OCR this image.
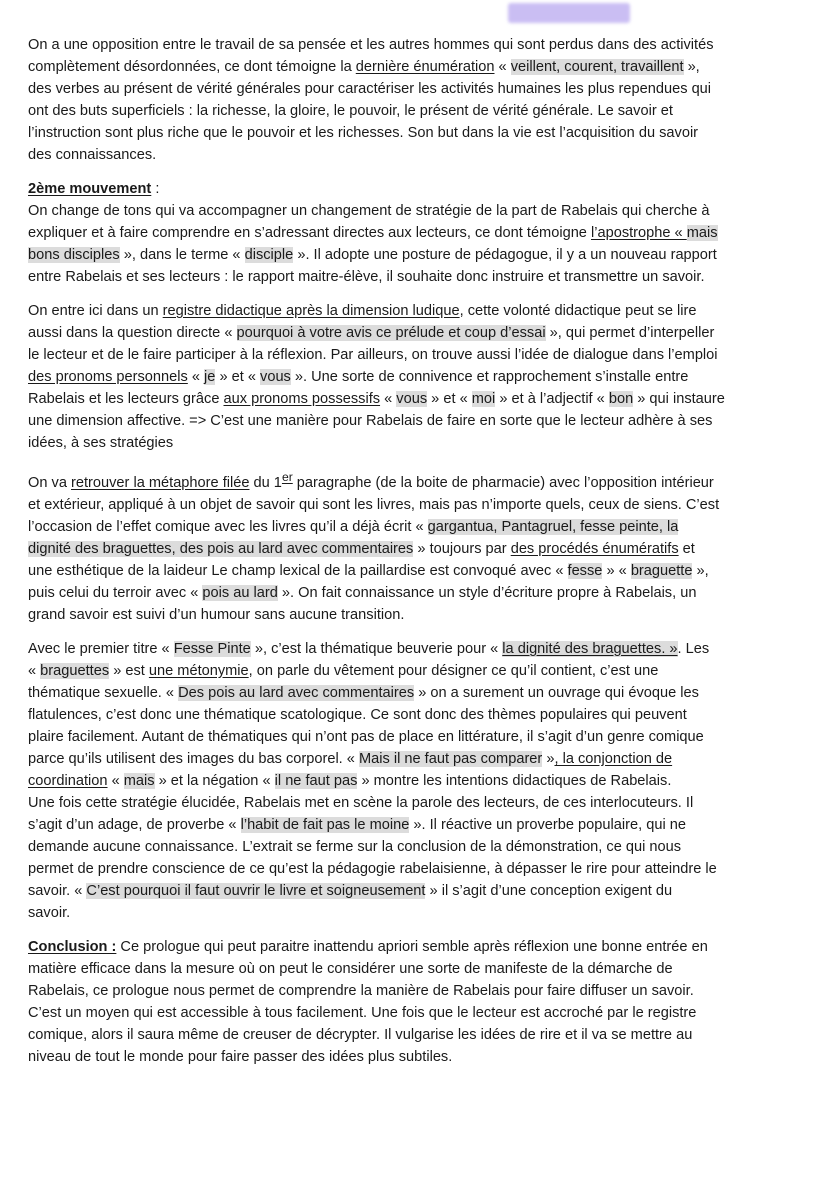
On a une opposition entre le travail de sa pensée et les autres hommes qui sont perdus dans des activités
complètement désordonnées, ce dont témoigne la dernière énumération « veillent, courent, travaillent »,
des verbes au présent de vérité générales pour caractériser les activités humaines les plus rependues qui
ont des buts superficiels : la richesse, la gloire, le pouvoir, le présent de vérité générale. Le savoir et
l’instruction sont plus riche que le pouvoir et les richesses. Son but dans la vie est l’acquisition du savoir
des connaissances.
2ème mouvement :
On change de tons qui va accompagner un changement de stratégie de la part de Rabelais qui cherche à
expliquer et à faire comprendre en s’adressant directes aux lecteurs, ce dont témoigne l’apostrophe « mais
bons disciples », dans le terme « disciple ». Il adopte une posture de pédagogue, il y a un nouveau rapport
entre Rabelais et ses lecteurs : le rapport maitre-élève, il souhaite donc instruire et transmettre un savoir.
On entre ici dans un registre didactique après la dimension ludique, cette volonté didactique peut se lire
aussi dans la question directe « pourquoi à votre avis ce prélude et coup d’essai », qui permet d’interpeller
le lecteur et de le faire participer à la réflexion. Par ailleurs, on trouve aussi l’idée de dialogue dans l’emploi
des pronoms personnels « je » et « vous ». Une sorte de connivence et rapprochement s’installe entre
Rabelais et les lecteurs grâce aux pronoms possessifs « vous » et « moi » et à l’adjectif « bon » qui instaure
une dimension affective. => C’est une manière pour Rabelais de faire en sorte que le lecteur adhère à ses
idées, à ses stratégies
On va retrouver la métaphore filée du 1er paragraphe (de la boite de pharmacie) avec l’opposition intérieur
et extérieur, appliqué à un objet de savoir qui sont les livres, mais pas n’importe quels, ceux de siens. C’est
l’occasion de l’effet comique avec les livres qu’il a déjà écrit « gargantua, Pantagruel, fesse peinte, la
dignité des braguettes, des pois au lard avec commentaires » toujours par des procédés énumératifs et
une esthétique de la laideur Le champ lexical de la paillardise est convoqué avec « fesse » « braguette »,
puis celui du terroir avec « pois au lard ». On fait connaissance un style d’écriture propre à Rabelais, un
grand savoir est suivi d’un humour sans aucune transition.
Avec le premier titre « Fesse Pinte », c’est la thématique beuverie pour « la dignité des braguettes. ». Les
« braguettes » est une métonymie, on parle du vêtement pour désigner ce qu’il contient, c’est une
thématique sexuelle. « Des pois au lard avec commentaires » on a surement un ouvrage qui évoque les
flatulences, c’est donc une thématique scatologique. Ce sont donc des thèmes populaires qui peuvent
plaire facilement. Autant de thématiques qui n’ont pas de place en littérature, il s’agit d’un genre comique
parce qu’ils utilisent des images du bas corporel. « Mais il ne faut pas comparer », la conjonction de
coordination « mais » et la négation « il ne faut pas » montre les intentions didactiques de Rabelais.
Une fois cette stratégie élucidée, Rabelais met en scène la parole des lecteurs, de ces interlocuteurs. Il
s’agit d’un adage, de proverbe « l’habit de fait pas le moine ». Il réactive un proverbe populaire, qui ne
demande aucune connaissance. L’extrait se ferme sur la conclusion de la démonstration, ce qui nous
permet de prendre conscience de ce qu’est la pédagogie rabelaisienne, à dépasser le rire pour atteindre le
savoir. « C’est pourquoi il faut ouvrir le livre et soigneusement » il s’agit d’une conception exigent du
savoir.
Conclusion : Ce prologue qui peut paraitre inattendu apriori semble après réflexion une bonne entrée en
matière efficace dans la mesure où on peut le considérer une sorte de manifeste de la démarche de
Rabelais, ce prologue nous permet de comprendre la manière de Rabelais pour faire diffuser un savoir.
C’est un moyen qui est accessible à tous facilement. Une fois que le lecteur est accroché par le registre
comique, alors il saura même de creuser de décrypter. Il vulgarise les idées de rire et il va se mettre au
niveau de tout le monde pour faire passer des idées plus subtiles.
